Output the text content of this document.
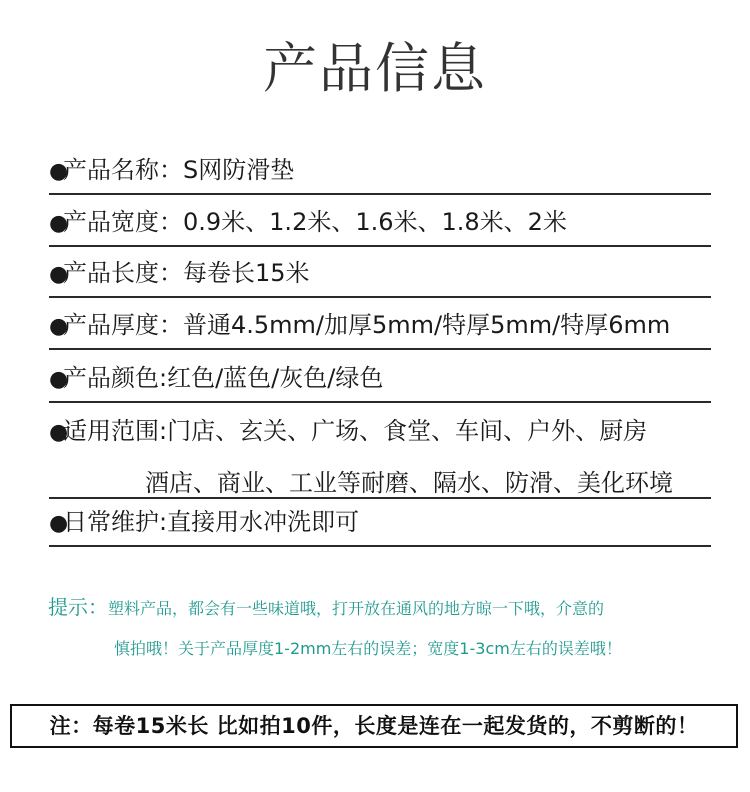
产品信息
●产品名称：S网防滑垫
●产品宽度：0.9米、1.2米、1.6米、1.8米、2米
●产品长度：每卷长15米
●产品厚度：普通4.5mm/加厚5mm/特厚5mm/特厚6mm
●产品颜色:红色/蓝色/灰色/绿色
●适用范围:门店、玄关、广场、食堂、车间、户外、厨房
酒店、商业、工业等耐磨、隔水、防滑、美化环境
●日常维护:直接用水冲洗即可
提示：塑料产品，都会有一些味道哦，打开放在通风的地方晾一下哦，介意的
慎拍哦！关于产品厚度1-2mm左右的误差；宽度1-3cm左右的误差哦！
注：每卷15米长 比如拍10件，长度是连在一起发货的，不剪断的！
